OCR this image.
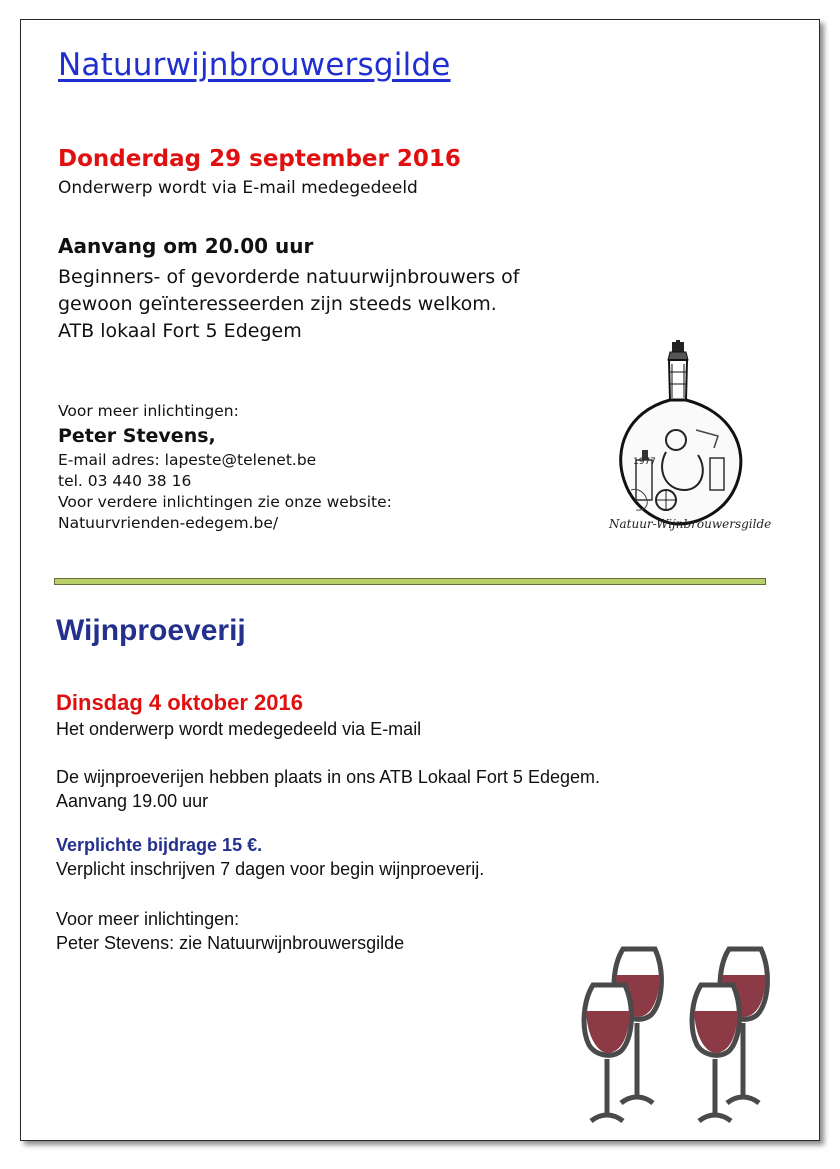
Natuurwijnbrouwersgilde
Donderdag 29 september 2016
Onderwerp wordt via E-mail medegedeeld
Aanvang om 20.00 uur
Beginners- of gevorderde natuurwijnbrouwers of
gewoon geïnteresseerden zijn steeds welkom.
ATB lokaal Fort 5 Edegem
Voor meer inlichtingen:
Peter Stevens,
E-mail adres: lapeste@telenet.be
tel. 03 440 38 16
Voor verdere inlichtingen zie onze website:
Natuurvrienden-edegem.be/
1977
Natuur-Wijnbrouwersgilde
Wijnproeverij
Dinsdag 4 oktober 2016
Het onderwerp wordt medegedeeld via E-mail
De wijnproeverijen hebben plaats in ons ATB Lokaal Fort 5 Edegem.
Aanvang 19.00 uur
Verplichte bijdrage 15 €.
Verplicht inschrijven 7 dagen voor begin wijnproeverij.
Voor meer inlichtingen:
Peter Stevens: zie Natuurwijnbrouwersgilde
